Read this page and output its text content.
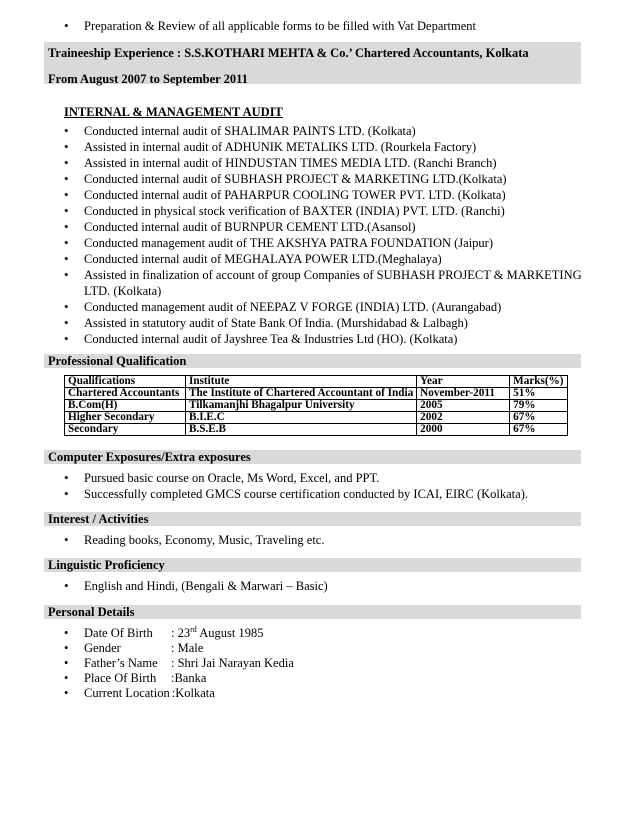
• Preparation & Review of all applicable forms to be filled with Vat Department
Traineeship Experience : S.S.KOTHARI MEHTA & Co.’ Chartered Accountants, Kolkata
From August 2007 to September 2011
INTERNAL & MANAGEMENT AUDIT
• Conducted internal audit of SHALIMAR PAINTS LTD. (Kolkata)
• Assisted in internal audit of ADHUNIK METALIKS LTD. (Rourkela Factory)
• Assisted in internal audit of HINDUSTAN TIMES MEDIA LTD. (Ranchi Branch)
• Conducted internal audit of SUBHASH PROJECT & MARKETING LTD.(Kolkata)
• Conducted internal audit of PAHARPUR COOLING TOWER PVT. LTD. (Kolkata)
• Conducted in physical stock verification of BAXTER (INDIA) PVT. LTD. (Ranchi)
• Conducted internal audit of BURNPUR CEMENT LTD.(Asansol)
• Conducted management audit of THE AKSHYA PATRA FOUNDATION (Jaipur)
• Conducted internal audit of MEGHALAYA POWER LTD.(Meghalaya)
• Assisted in finalization of account of group Companies of SUBHASH PROJECT & MARKETING LTD. (Kolkata)
• Conducted management audit of NEEPAZ V FORGE (INDIA) LTD. (Aurangabad)
• Assisted in statutory audit of State Bank Of India. (Murshidabad & Lalbagh)
• Conducted internal audit of Jayshree Tea & Industries Ltd (HO). (Kolkata)
Professional Qualification
Qualifications	Institute	Year	Marks(%)
Chartered Accountants	The Institute of Chartered Accountant of India	November-2011	51%
B.Com(H)	Tilkamanjhi Bhagalpur University	2005	79%
Higher Secondary	B.I.E.C	2002	67%
Secondary	B.S.E.B	2000	67%
Computer Exposures/Extra exposures
• Pursued basic course on Oracle, Ms Word, Excel, and PPT.
• Successfully completed GMCS course certification conducted by ICAI, EIRC (Kolkata).
Interest / Activities
• Reading books, Economy, Music, Traveling etc.
Linguistic Proficiency
• English and Hindi, (Bengali & Marwari – Basic)
Personal Details
• Date Of Birth : 23rd August 1985
• Gender	: Male
• Father’s Name : Shri Jai Narayan Kedia
• Place Of Birth :Banka
• Current Location :Kolkata
